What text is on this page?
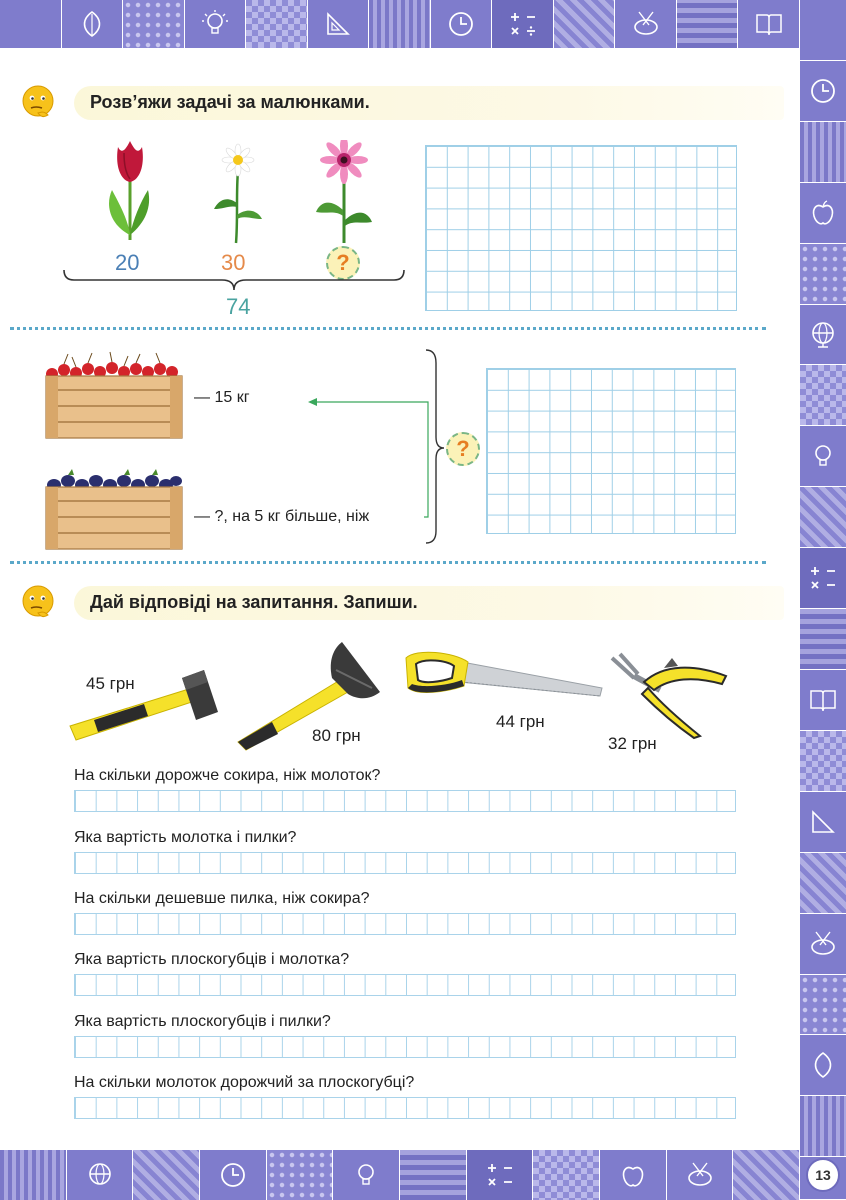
13
Розв’яжи задачі за малюнками.
20	30	?
74
— 15 кг
— ?, на 5 кг більше, ніж
?
Дай відповіді на запитання. Запиши.
45 грн
80 грн
44 грн
32 грн
На скільки дорожче сокира, ніж молоток?
Яка вартість молотка і пилки?
На скільки дешевше пилка, ніж сокира?
Яка вартість плоскогубців і молотка?
Яка вартість плоскогубців і пилки?
На скільки молоток дорожчий за плоскогубці?
